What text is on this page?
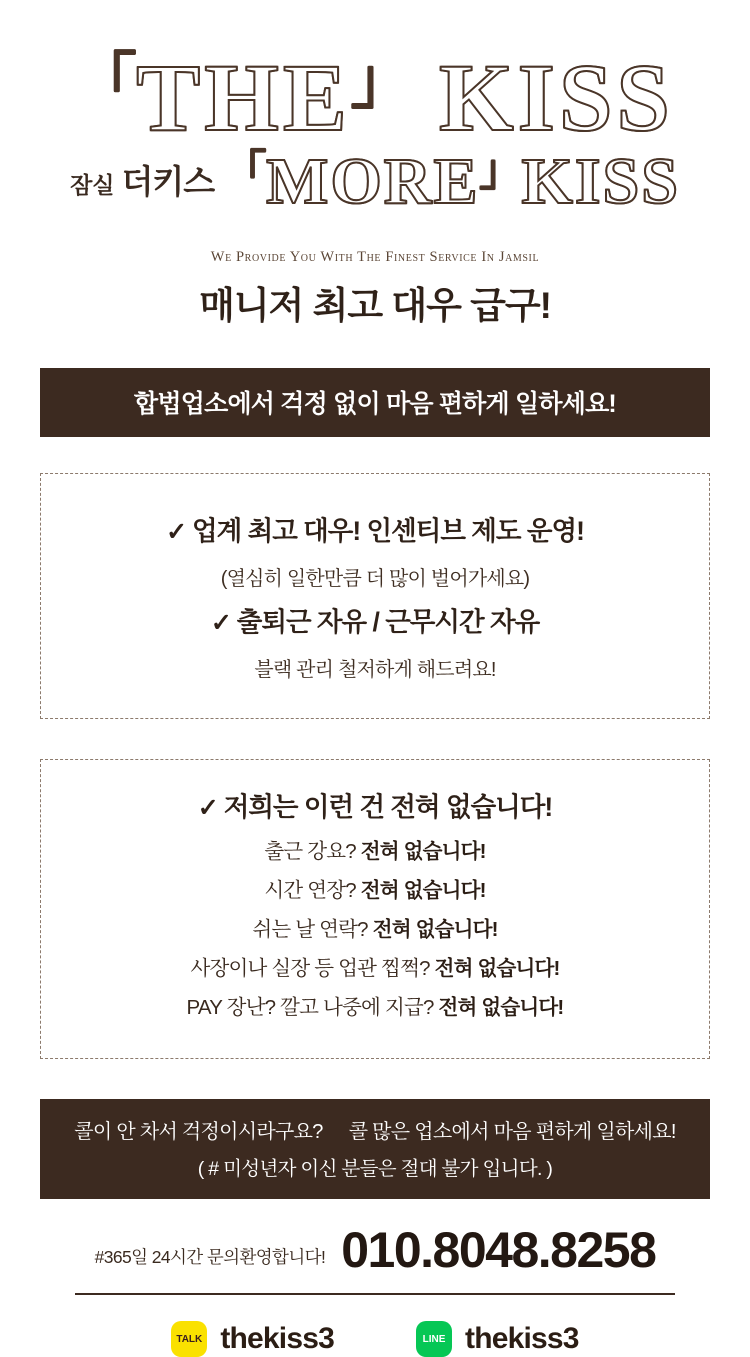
「THE」 KISS
잠실 더키스 「MORE」KISS
We Provide You With The Finest Service In Jamsil
매니저 최고 대우 급구!
합법업소에서 걱정 없이 마음 편하게 일하세요!
✓ 업계 최고 대우! 인센티브 제도 운영!
(열심히 일한만큼 더 많이 벌어가세요)
✓ 출퇴근 자유 / 근무시간 자유
블랙 관리 철저하게 해드려요!
✓ 저희는 이런 건 전혀 없습니다!
출근 강요? 전혀 없습니다!
시간 연장? 전혀 없습니다!
쉬는 날 연락? 전혀 없습니다!
사장이나 실장 등 업관 찝쩍? 전혀 없습니다!
PAY 장난? 깔고 나중에 지급? 전혀 없습니다!
콜이 안 차서 걱정이시라구요? 콜 많은 업소에서 마음 편하게 일하세요!
( # 미성년자 이신 분들은 절대 불가 입니다. )
#365일 24시간 문의환영합니다! 010.8048.8258
TALK thekiss3	LINE thekiss3
